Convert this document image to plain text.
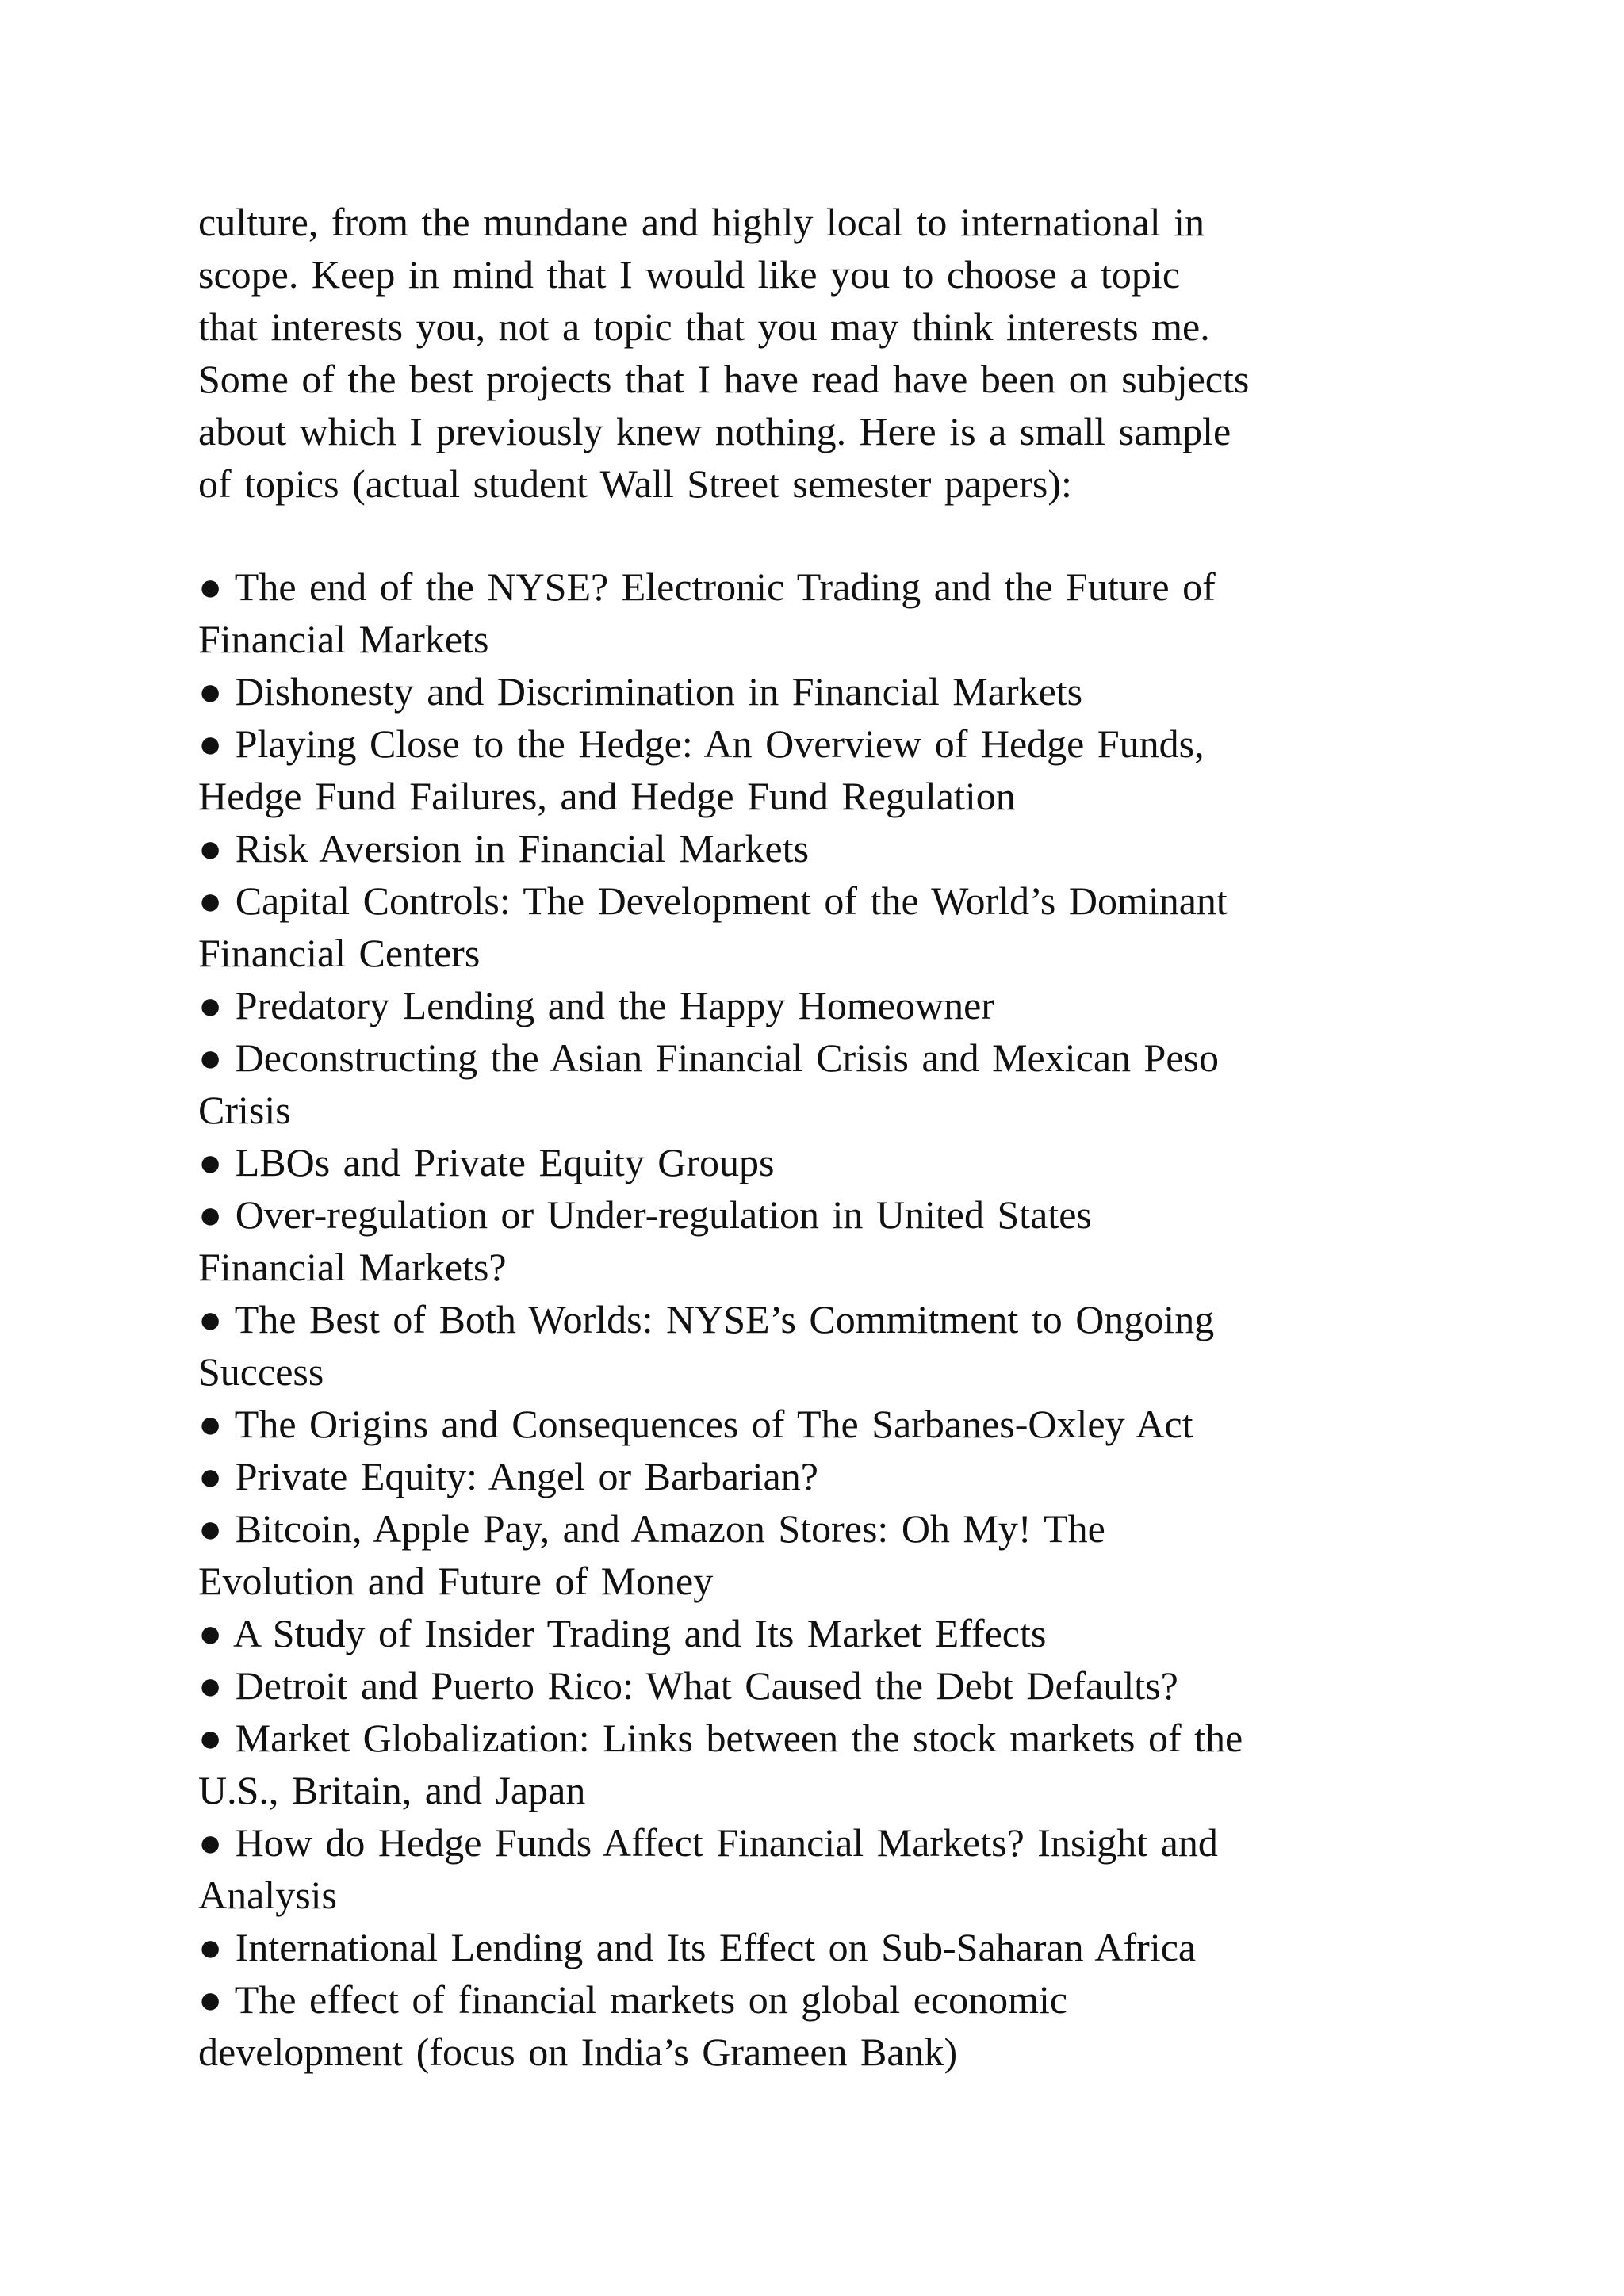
culture, from the mundane and highly local to international in
scope. Keep in mind that I would like you to choose a topic
that interests you, not a topic that you may think interests me.
Some of the best projects that I have read have been on subjects
about which I previously knew nothing. Here is a small sample
of topics (actual student Wall Street semester papers):
● The end of the NYSE? Electronic Trading and the Future of
Financial Markets
● Dishonesty and Discrimination in Financial Markets
● Playing Close to the Hedge: An Overview of Hedge Funds,
Hedge Fund Failures, and Hedge Fund Regulation
● Risk Aversion in Financial Markets
● Capital Controls: The Development of the World’s Dominant
Financial Centers
● Predatory Lending and the Happy Homeowner
● Deconstructing the Asian Financial Crisis and Mexican Peso
Crisis
● LBOs and Private Equity Groups
● Over-regulation or Under-regulation in United States
Financial Markets?
● The Best of Both Worlds: NYSE’s Commitment to Ongoing
Success
● The Origins and Consequences of The Sarbanes-Oxley Act
● Private Equity: Angel or Barbarian?
● Bitcoin, Apple Pay, and Amazon Stores: Oh My! The
Evolution and Future of Money
● A Study of Insider Trading and Its Market Effects
● Detroit and Puerto Rico: What Caused the Debt Defaults?
● Market Globalization: Links between the stock markets of the
U.S., Britain, and Japan
● How do Hedge Funds Affect Financial Markets? Insight and
Analysis
● International Lending and Its Effect on Sub-Saharan Africa
● The effect of financial markets on global economic
development (focus on India’s Grameen Bank)
